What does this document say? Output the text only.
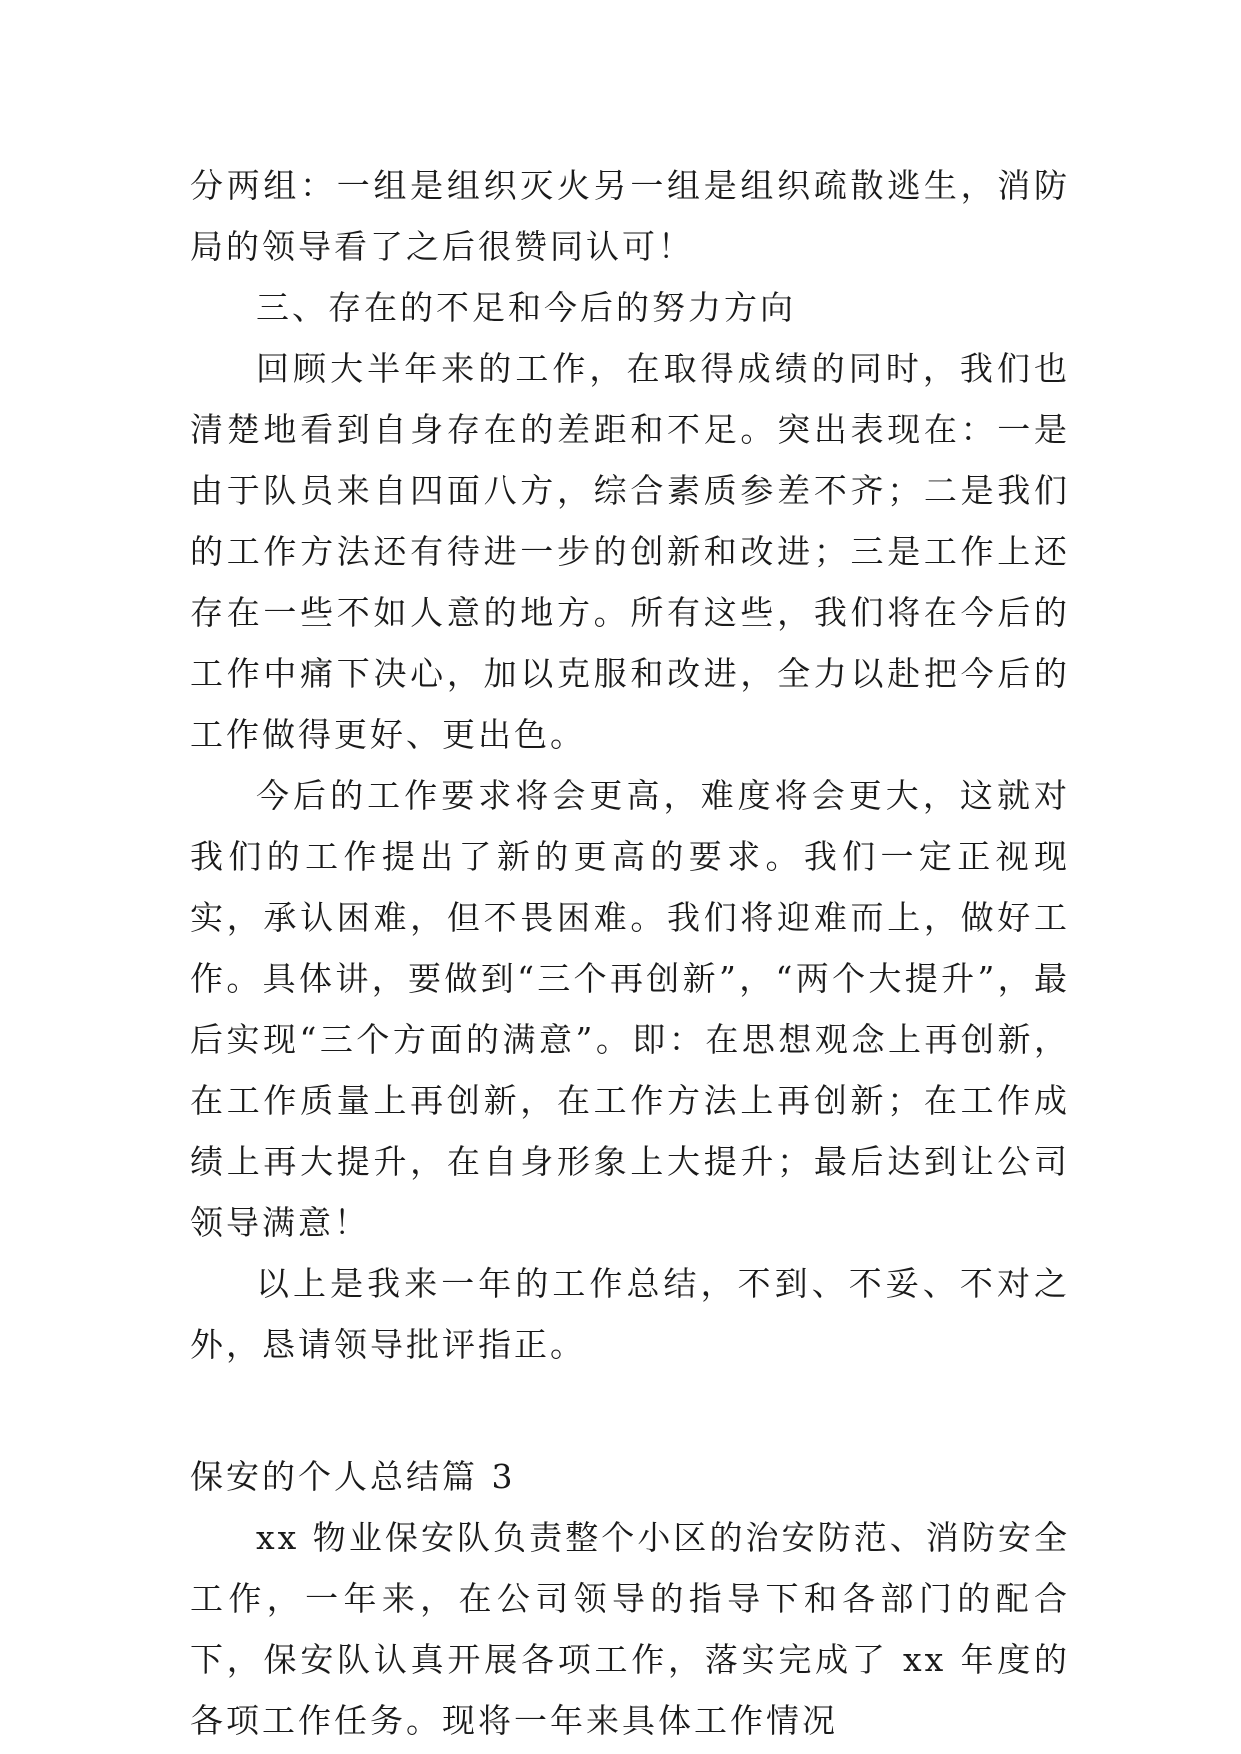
分两组：一组是组织灭火另一组是组织疏散逃生，消防局的领导看了之后很赞同认可！

三、存在的不足和今后的努力方向

回顾大半年来的工作，在取得成绩的同时，我们也清楚地看到自身存在的差距和不足。突出表现在：一是由于队员来自四面八方，综合素质参差不齐；二是我们的工作方法还有待进一步的创新和改进；三是工作上还存在一些不如人意的地方。所有这些，我们将在今后的工作中痛下决心，加以克服和改进，全力以赴把今后的工作做得更好、更出色。

今后的工作要求将会更高，难度将会更大，这就对我们的工作提出了新的更高的要求。我们一定正视现实，承认困难，但不畏困难。我们将迎难而上，做好工作。具体讲，要做到“三个再创新”，“两个大提升”，最后实现“三个方面的满意”。即：在思想观念上再创新，在工作质量上再创新，在工作方法上再创新；在工作成绩上再大提升，在自身形象上大提升；最后达到让公司领导满意！

以上是我来一年的工作总结，不到、不妥、不对之外，恳请领导批评指正。

保安的个人总结篇 3

xx 物业保安队负责整个小区的治安防范、消防安全工作，一年来，在公司领导的指导下和各部门的配合下，保安队认真开展各项工作，落实完成了 xx 年度的各项工作任务。现将一年来具体工作情况
